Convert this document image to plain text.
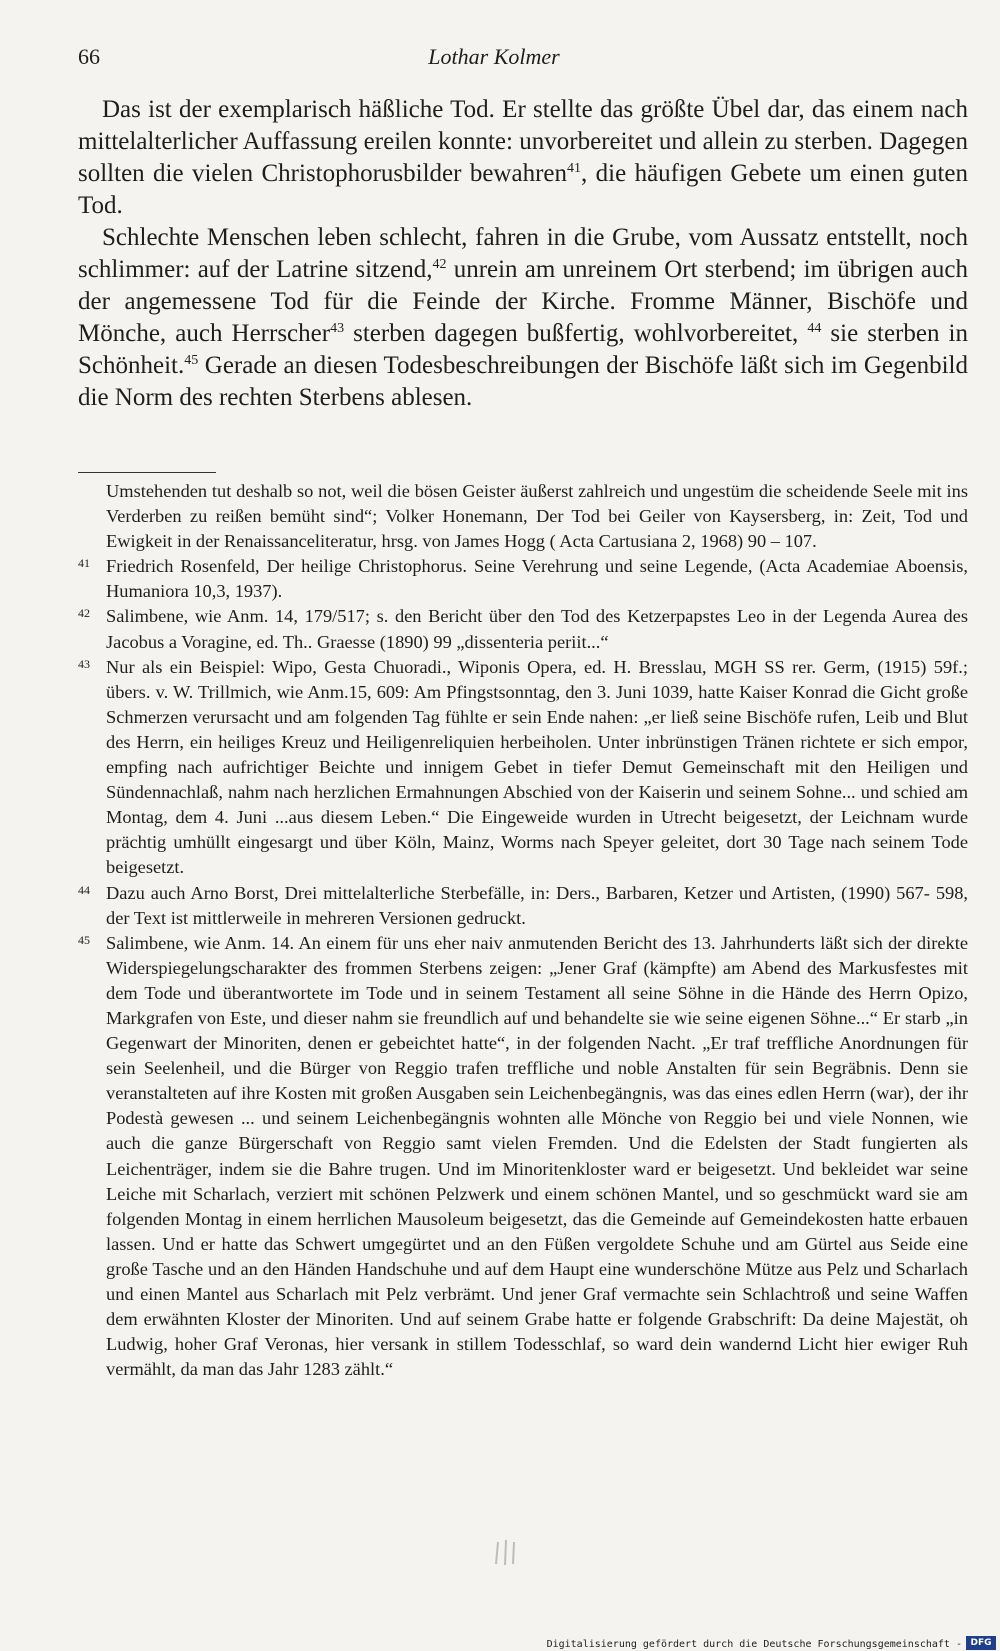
66	Lothar Kolmer

Das ist der exemplarisch häßliche Tod. Er stellte das größte Übel dar, das einem nach mittelalterlicher Auffassung ereilen konnte: unvorbereitet und allein zu sterben. Dagegen sollten die vielen Christophorusbilder bewahren$^{41}$, die häufigen Gebete um einen guten Tod.

Schlechte Menschen leben schlecht, fahren in die Grube, vom Aussatz entstellt, noch schlimmer: auf der Latrine sitzend,$^{42}$ unrein am unreinem Ort sterbend; im übrigen auch der angemessene Tod für die Feinde der Kirche. Fromme Männer, Bischöfe und Mönche, auch Herrscher$^{43}$ sterben dagegen bußfertig, wohlvorbereitet, $^{44}$ sie sterben in Schönheit.$^{45}$ Gerade an diesen Todesbeschreibungen der Bischöfe läßt sich im Gegenbild die Norm des rechten Sterbens ablesen.

Umstehenden tut deshalb so not, weil die bösen Geister äußerst zahlreich und ungestüm die scheidende Seele mit ins Verderben zu reißen bemüht sind“; Volker Honemann, Der Tod bei Geiler von Kaysersberg, in: Zeit, Tod und Ewigkeit in der Renaissanceliteratur, hrsg. von James Hogg ( Acta Cartusiana 2, 1968) 90 – 107.

41 Friedrich Rosenfeld, Der heilige Christophorus. Seine Verehrung und seine Legende, (Acta Academiae Aboensis, Humaniora 10,3, 1937).

42 Salimbene, wie Anm. 14, 179/517; s. den Bericht über den Tod des Ketzerpapstes Leo in der Legenda Aurea des Jacobus a Voragine, ed. Th.. Graesse (1890) 99 „dissenteria periit...“

43 Nur als ein Beispiel: Wipo, Gesta Chuoradi., Wiponis Opera, ed. H. Bresslau, MGH SS rer. Germ, (1915) 59f.; übers. v. W. Trillmich, wie Anm.15, 609: Am Pfingstsonntag, den 3. Juni 1039, hatte Kaiser Konrad die Gicht große Schmerzen verursacht und am folgenden Tag fühlte er sein Ende nahen: „er ließ seine Bischöfe rufen, Leib und Blut des Herrn, ein heiliges Kreuz und Heiligenreliquien herbeiholen. Unter inbrünstigen Tränen richtete er sich empor, empfing nach aufrichtiger Beichte und innigem Gebet in tiefer Demut Gemeinschaft mit den Heiligen und Sündennachlaß, nahm nach herzlichen Ermahnungen Abschied von der Kaiserin und seinem Sohne... und schied am Montag, dem 4. Juni ...aus diesem Leben.“ Die Eingeweide wurden in Utrecht beigesetzt, der Leichnam wurde prächtig umhüllt eingesargt und über Köln, Mainz, Worms nach Speyer geleitet, dort 30 Tage nach seinem Tode beigesetzt.

44 Dazu auch Arno Borst, Drei mittelalterliche Sterbefälle, in: Ders., Barbaren, Ketzer und Artisten, (1990) 567- 598, der Text ist mittlerweile in mehreren Versionen gedruckt.

45 Salimbene, wie Anm. 14. An einem für uns eher naiv anmutenden Bericht des 13. Jahrhunderts läßt sich der direkte Widerspiegelungscharakter des frommen Sterbens zeigen: „Jener Graf (kämpfte) am Abend des Markusfestes mit dem Tode und überantwortete im Tode und in seinem Testament all seine Söhne in die Hände des Herrn Opizo, Markgrafen von Este, und dieser nahm sie freundlich auf und behandelte sie wie seine eigenen Söhne...“ Er starb „in Gegenwart der Minoriten, denen er gebeichtet hatte“, in der folgenden Nacht. „Er traf treffliche Anordnungen für sein Seelenheil, und die Bürger von Reggio trafen treffliche und noble Anstalten für sein Begräbnis. Denn sie veranstalteten auf ihre Kosten mit großen Ausgaben sein Leichenbegängnis, was das eines edlen Herrn (war), der ihr Podestà gewesen ... und seinem Leichenbegängnis wohnten alle Mönche von Reggio bei und viele Nonnen, wie auch die ganze Bürgerschaft von Reggio samt vielen Fremden. Und die Edelsten der Stadt fungierten als Leichenträger, indem sie die Bahre trugen. Und im Minoritenkloster ward er beigesetzt. Und bekleidet war seine Leiche mit Scharlach, verziert mit schönen Pelzwerk und einem schönen Mantel, und so geschmückt ward sie am folgenden Montag in einem herrlichen Mausoleum beigesetzt, das die Gemeinde auf Gemeindekosten hatte erbauen lassen. Und er hatte das Schwert umgegürtet und an den Füßen vergoldete Schuhe und am Gürtel aus Seide eine große Tasche und an den Händen Handschuhe und auf dem Haupt eine wunderschöne Mütze aus Pelz und Scharlach und einen Mantel aus Scharlach mit Pelz verbrämt. Und jener Graf vermachte sein Schlachtroß und seine Waffen dem erwähnten Kloster der Minoriten. Und auf seinem Grabe hatte er folgende Grabschrift: Da deine Majestät, oh Ludwig, hoher Graf Veronas, hier versank in stillem Todesschlaf, so ward dein wandernd Licht hier ewiger Ruh vermählt, da man das Jahr 1283 zählt.“

Digitalisierung gefördert durch die Deutsche Forschungsgemeinschaft - DFG
